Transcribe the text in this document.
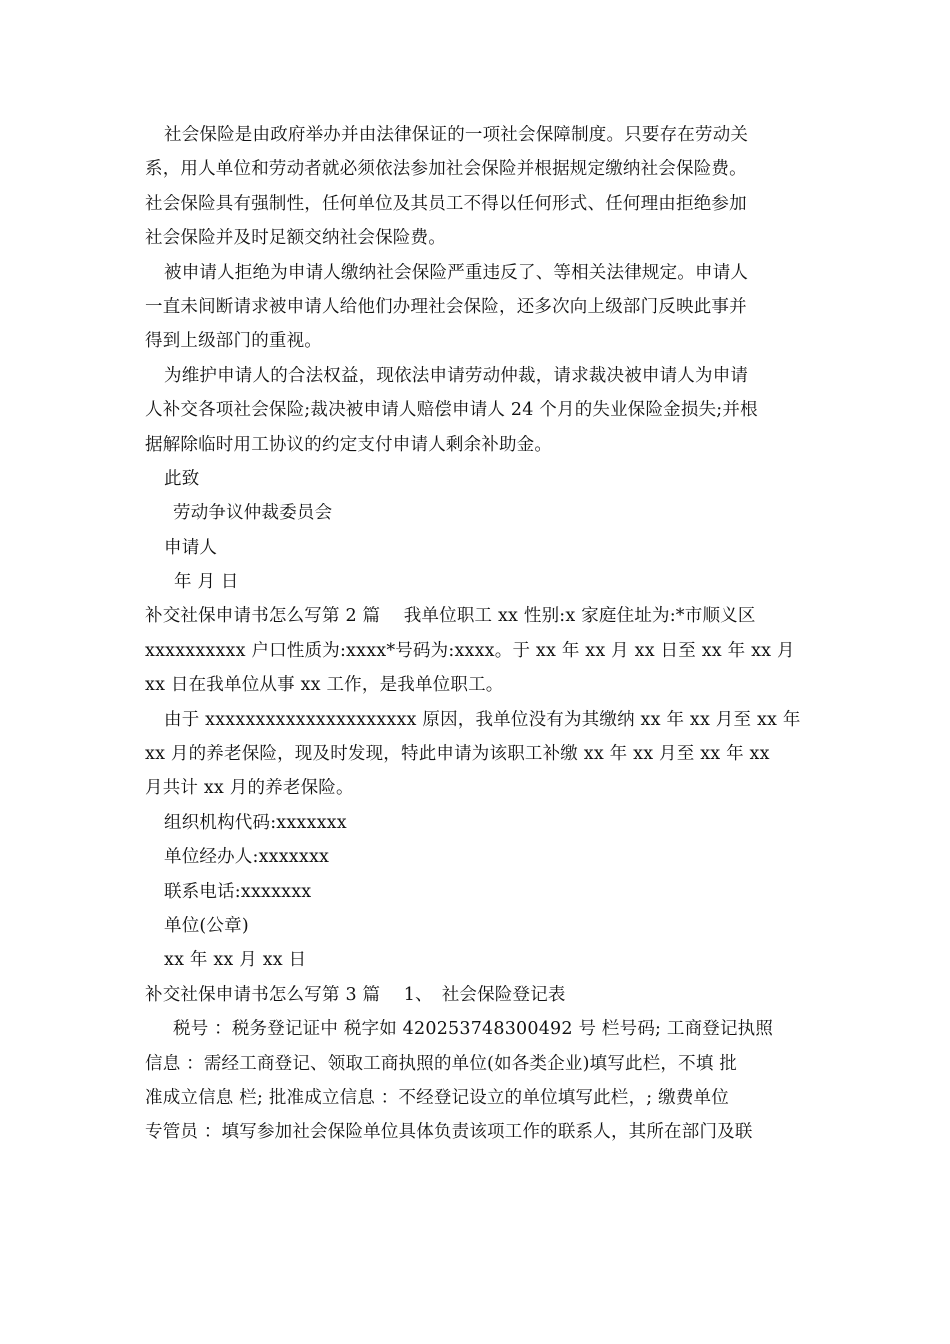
社会保险是由政府举办并由法律保证的一项社会保障制度。只要存在劳动关
系，用人单位和劳动者就必须依法参加社会保险并根据规定缴纳社会保险费。
社会保险具有强制性，任何单位及其员工不得以任何形式、任何理由拒绝参加
社会保险并及时足额交纳社会保险费。
被申请人拒绝为申请人缴纳社会保险严重违反了、等相关法律规定。申请人
一直未间断请求被申请人给他们办理社会保险，还多次向上级部门反映此事并
得到上级部门的重视。
为维护申请人的合法权益，现依法申请劳动仲裁，请求裁决被申请人为申请
人补交各项社会保险;裁决被申请人赔偿申请人 24 个月的失业保险金损失;并根
据解除临时用工协议的约定支付申请人剩余补助金。
此致
劳动争议仲裁委员会
申请人
年 月 日
补交社保申请书怎么写第 2 篇　 我单位职工 xx 性别:x 家庭住址为:*市顺义区
xxxxxxxxxx 户口性质为:xxxx*号码为:xxxx。于 xx 年 xx 月 xx 日至 xx 年 xx 月
xx 日在我单位从事 xx 工作，是我单位职工。
由于 xxxxxxxxxxxxxxxxxxxxx 原因，我单位没有为其缴纳 xx 年 xx 月至 xx 年
xx 月的养老保险，现及时发现，特此申请为该职工补缴 xx 年 xx 月至 xx 年 xx
月共计 xx 月的养老保险。
组织机构代码:xxxxxxx
单位经办人:xxxxxxx
联系电话:xxxxxxx
单位(公章)
xx 年 xx 月 xx 日
补交社保申请书怎么写第 3 篇　 1、　社会保险登记表
税号 ：税务登记证中 税字如 420253748300492 号 栏号码; 工商登记执照
信息 ：需经工商登记、领取工商执照的单位(如各类企业)填写此栏，不填 批
准成立信息 栏; 批准成立信息 ：不经登记设立的单位填写此栏，; 缴费单位
专管员 ：填写参加社会保险单位具体负责该项工作的联系人，其所在部门及联
